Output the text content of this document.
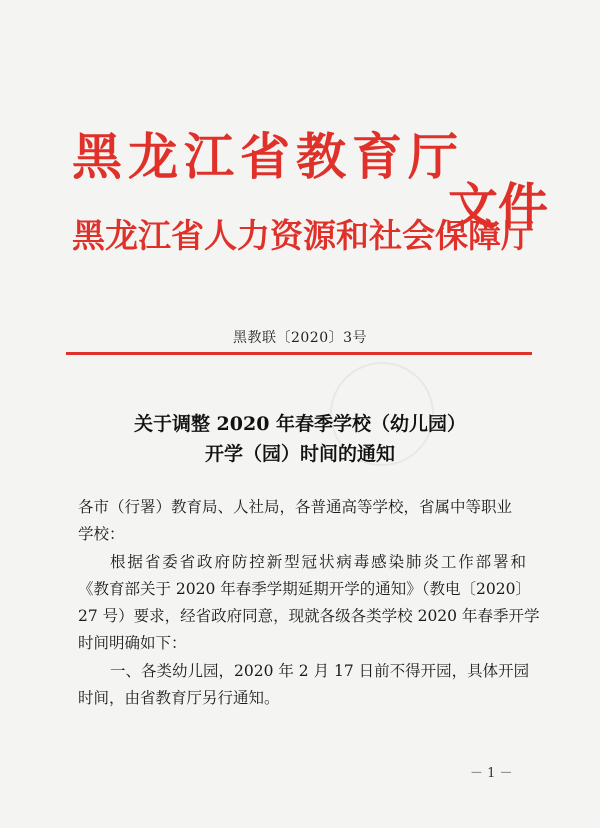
黑龙江省教育厅
文件
黑龙江省人力资源和社会保障厅
黑教联〔2020〕3号
关于调整 2020 年春季学校（幼儿园）
开学（园）时间的通知
各市（行署）教育局、人社局，各普通高等学校，省属中等职业
学校：
根据省委省政府防控新型冠状病毒感染肺炎工作部署和
《教育部关于 2020 年春季学期延期开学的通知》（教电〔2020〕
27 号）要求，经省政府同意，现就各级各类学校 2020 年春季开学
时间明确如下：
一、各类幼儿园，2020 年 2 月 17 日前不得开园，具体开园
时间，由省教育厅另行通知。
－ 1 －
